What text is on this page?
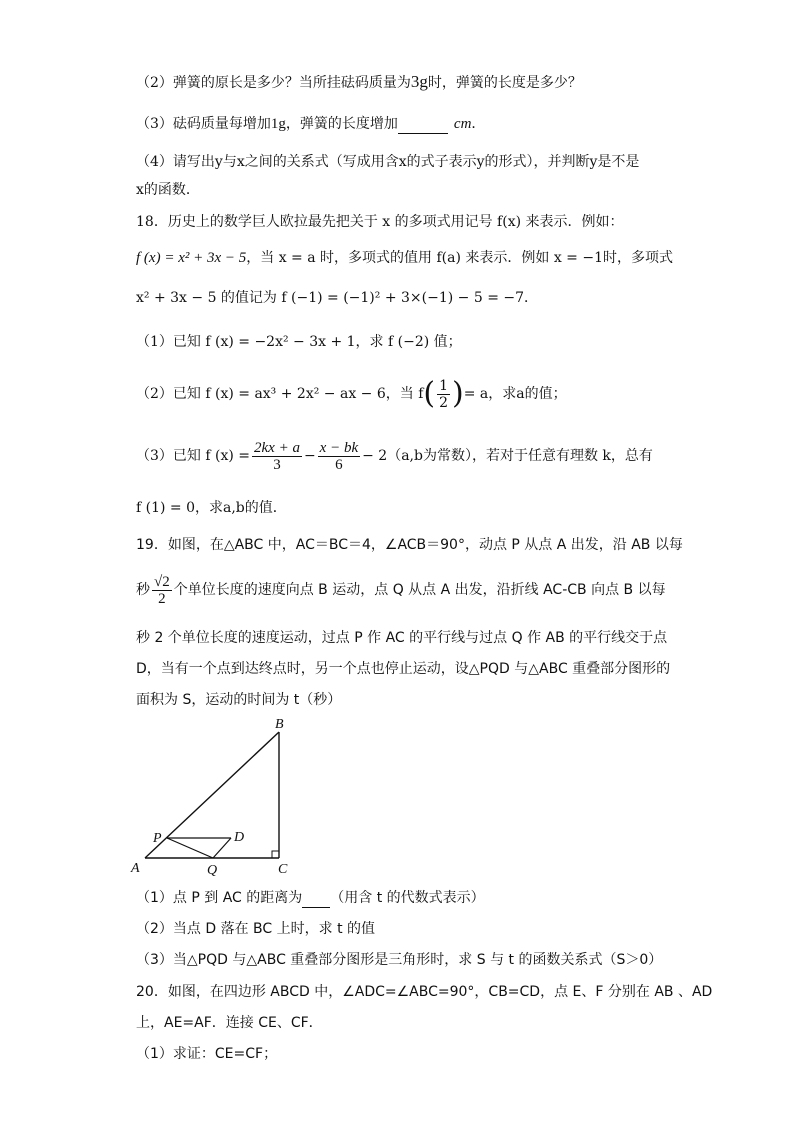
（2）弹簧的原长是多少？当所挂砝码质量为3g时，弹簧的长度是多少？
（3）砝码质量每增加1g，弹簧的长度增加	cm．
（4）请写出y与x之间的关系式（写成用含x的式子表示y的形式），并判断y是不是
x的函数．
18．历史上的数学巨人欧拉最先把关于 x 的多项式用记号 f(x) 来表示．例如：
f (x) = x² + 3x − 5，当 x = a 时，多项式的值用 f(a) 来表示．例如 x = −1时，多项式
x² + 3x − 5 的值记为 f (−1) = (−1)² + 3×(−1) − 5 = −7．
（1）已知 f (x) = −2x² − 3x + 1，求 f (−2) 值；
（2）已知 f (x) = ax³ + 2x² − ax − 6，当 $f( \frac{1}{2}$ )= a，求a的值；
（3）已知 f $(x) = \frac{2kx + a}{3} - \frac{x - bk}{6} - 2(a,b$为常数），若对于任意有理数 k，总有
f (1) = 0，求a,b的值．
19．如图，在△ABC 中，AC＝BC＝4，∠ACB＝90°，动点 P 从点 A 出发，沿 AB 以每
秒 $\frac{√2}{2}$ 个单位长度的速度向点 B 运动，点 Q 从点 A 出发，沿折线 AC-CB 向点 B 以每
秒 2 个单位长度的速度运动，过点 P 作 AC 的平行线与过点 Q 作 AB 的平行线交于点
D，当有一个点到达终点时，另一个点也停止运动，设△PQD 与△ABC 重叠部分图形的
面积为 S，运动的时间为 t（秒）
A
B
C
P
Q
D
（1）点 P 到 AC 的距离为 （用含 t 的代数式表示）
（2）当点 D 落在 BC 上时，求 t 的值
（3）当△PQD 与△ABC 重叠部分图形是三角形时，求 S 与 t 的函数关系式（S＞0）
20．如图，在四边形 ABCD 中，∠ADC=∠ABC=90°，CB=CD，点 E、F 分别在 AB 、AD
上，AE=AF．连接 CE、CF．
（1）求证：CE=CF；
